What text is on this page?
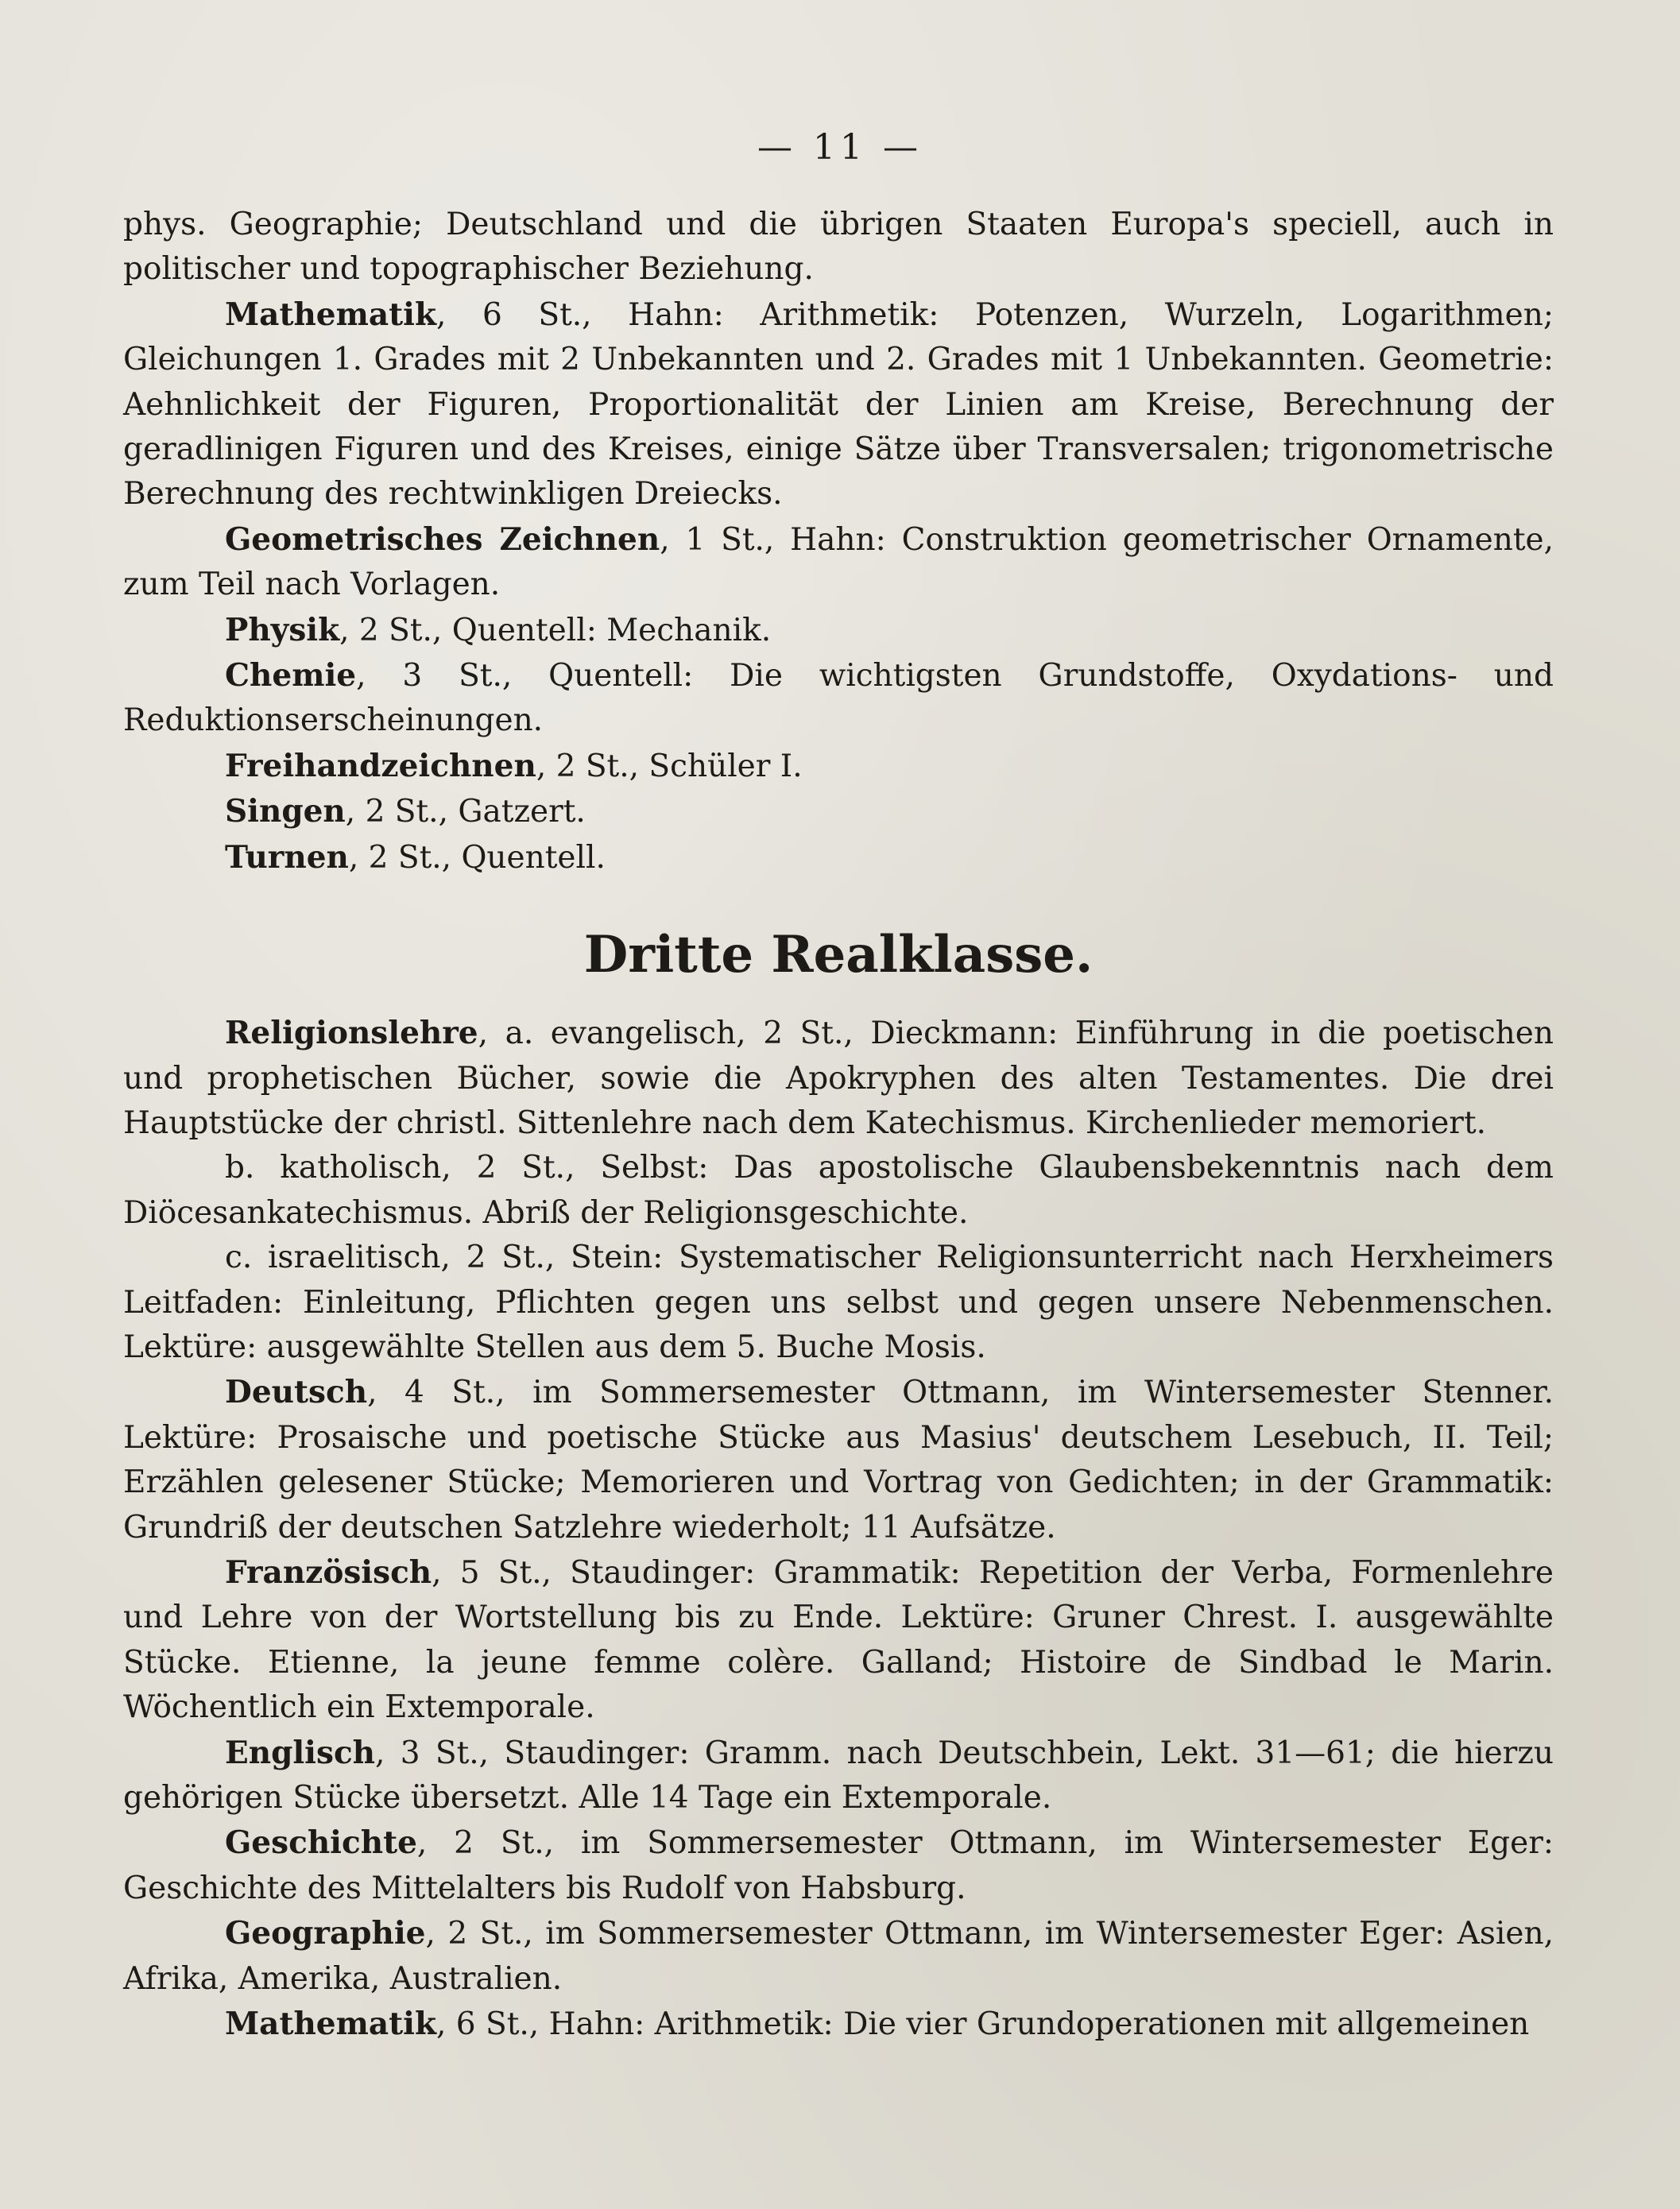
— 11 —

phys. Geographie; Deutschland und die übrigen Staaten Europa's speciell, auch in politischer und topographischer Beziehung.

Mathematik, 6 St., Hahn: Arithmetik: Potenzen, Wurzeln, Logarithmen; Gleichungen 1. Grades mit 2 Unbekannten und 2. Grades mit 1 Unbekannten. Geometrie: Aehnlichkeit der Figuren, Proportionalität der Linien am Kreise, Berechnung der geradlinigen Figuren und des Kreises, einige Sätze über Transversalen; trigonometrische Berechnung des rechtwinkligen Dreiecks.

Geometrisches Zeichnen, 1 St., Hahn: Construktion geometrischer Ornamente, zum Teil nach Vorlagen.

Physik, 2 St., Quentell: Mechanik.

Chemie, 3 St., Quentell: Die wichtigsten Grundstoffe, Oxydations- und Reduktionserscheinungen.

Freihandzeichnen, 2 St., Schüler I.

Singen, 2 St., Gatzert.

Turnen, 2 St., Quentell.

Dritte Realklasse.

Religionslehre, a. evangelisch, 2 St., Dieckmann: Einführung in die poetischen und prophetischen Bücher, sowie die Apokryphen des alten Testamentes. Die drei Hauptstücke der christl. Sittenlehre nach dem Katechismus. Kirchenlieder memoriert.

b. katholisch, 2 St., Selbst: Das apostolische Glaubensbekenntnis nach dem Diöcesankatechismus. Abriß der Religionsgeschichte.

c. israelitisch, 2 St., Stein: Systematischer Religionsunterricht nach Herxheimers Leitfaden: Einleitung, Pflichten gegen uns selbst und gegen unsere Nebenmenschen. Lektüre: ausgewählte Stellen aus dem 5. Buche Mosis.

Deutsch, 4 St., im Sommersemester Ottmann, im Wintersemester Stenner. Lektüre: Prosaische und poetische Stücke aus Masius' deutschem Lesebuch, II. Teil; Erzählen gelesener Stücke; Memorieren und Vortrag von Gedichten; in der Grammatik: Grundriß der deutschen Satzlehre wiederholt; 11 Aufsätze.

Französisch, 5 St., Staudinger: Grammatik: Repetition der Verba, Formenlehre und Lehre von der Wortstellung bis zu Ende. Lektüre: Gruner Chrest. I. ausgewählte Stücke. Etienne, la jeune femme colère. Galland; Histoire de Sindbad le Marin. Wöchentlich ein Extemporale.

Englisch, 3 St., Staudinger: Gramm. nach Deutschbein, Lekt. 31—61; die hierzu gehörigen Stücke übersetzt. Alle 14 Tage ein Extemporale.

Geschichte, 2 St., im Sommersemester Ottmann, im Wintersemester Eger: Geschichte des Mittelalters bis Rudolf von Habsburg.

Geographie, 2 St., im Sommersemester Ottmann, im Wintersemester Eger: Asien, Afrika, Amerika, Australien.

Mathematik, 6 St., Hahn: Arithmetik: Die vier Grundoperationen mit allgemeinen
